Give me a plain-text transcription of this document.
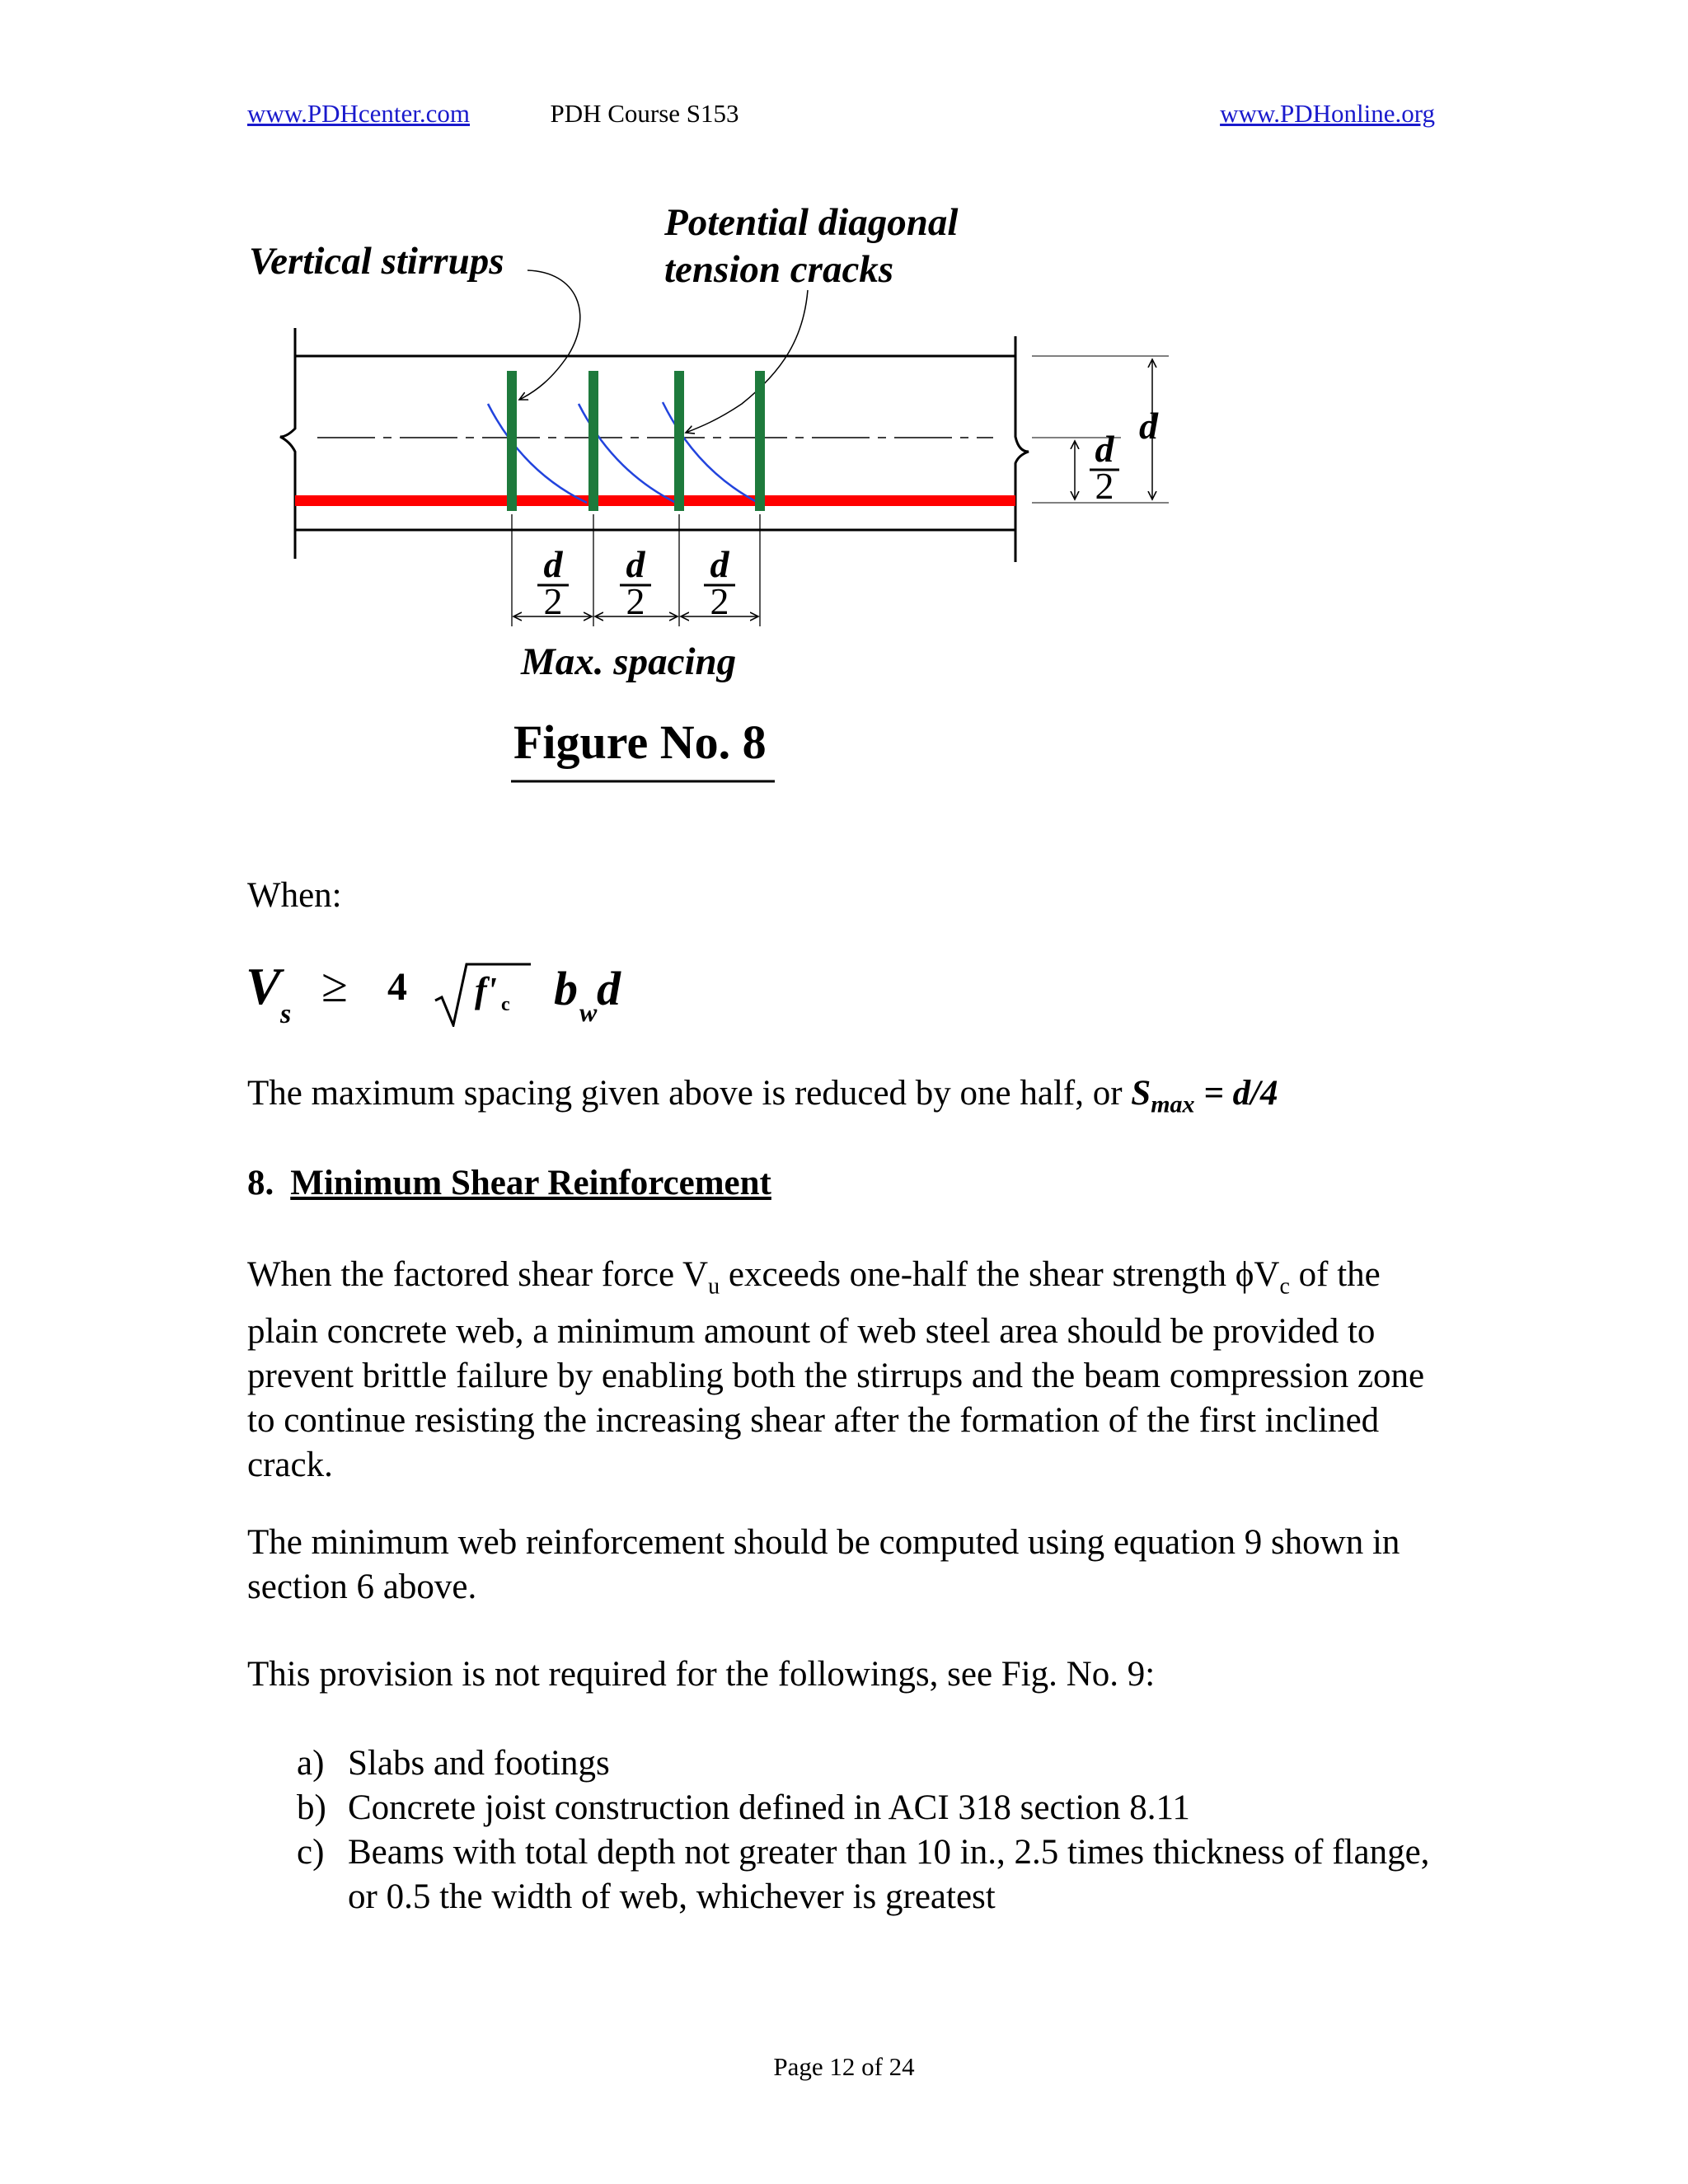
www.PDHcenter.com	PDH Course S153	www.PDHonline.org
Vertical stirrups
Potential diagonal
tension cracks
d d d
2 2 2
Max. spacing
d
d
2
Figure No. 8
When:
V s
≥ 4 f' c b w d
The maximum spacing given above is reduced by one half, or $S_{max} = d/4$
8. Minimum Shear Reinforcement
When the factored shear force $V_u$ exceeds one-half the shear strength $\phi V_c$ of the plain concrete web, a minimum amount of web steel area should be provided to prevent brittle failure by enabling both the stirrups and the beam compression zone to continue resisting the increasing shear after the formation of the first inclined crack.
The minimum web reinforcement should be computed using equation 9 shown in section 6 above.
This provision is not required for the followings, see Fig. No. 9:
a) Slabs and footings
b) Concrete joist construction defined in ACI 318 section 8.11
c) Beams with total depth not greater than 10 in., 2.5 times thickness of flange, or 0.5 the width of web, whichever is greatest
Page 12 of 24
